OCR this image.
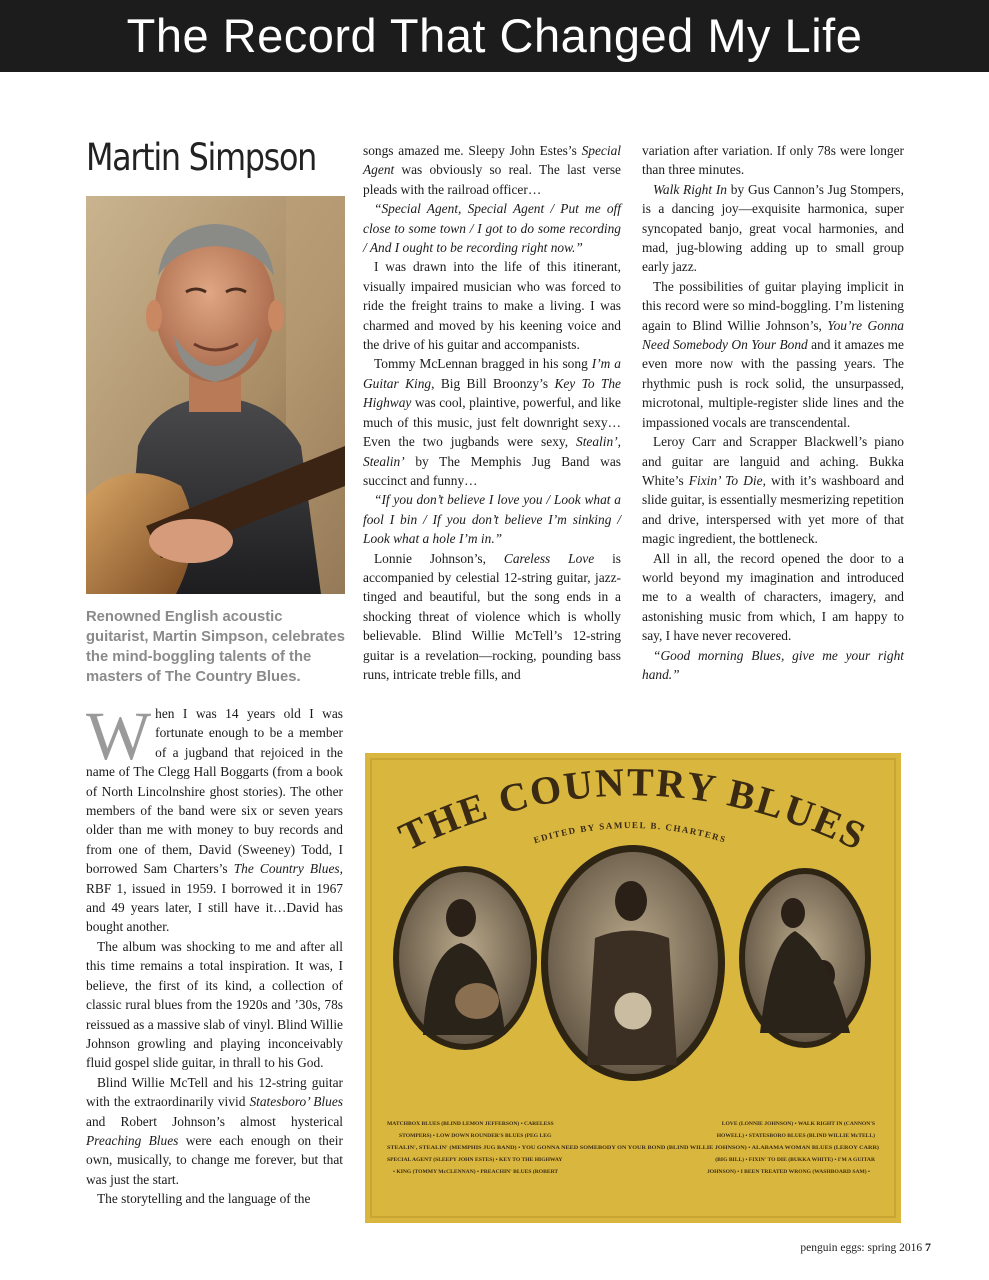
The Record That Changed My Life
Martin Simpson

Renowned English acoustic guitarist, Martin Simpson, celebrates the mind-boggling talents of the masters of The Country Blues.

When I was 14 years old I was fortunate enough to be a member of a jugband that rejoiced in the name of The Clegg Hall Boggarts (from a book of North Lincolnshire ghost stories). The other members of the band were six or seven years older than me with money to buy records and from one of them, David (Sweeney) Todd, I borrowed Sam Charters’s The Country Blues, RBF 1, issued in 1959. I borrowed it in 1967 and 49 years later, I still have it…David has bought another.

The album was shocking to me and after all this time remains a total inspiration. It was, I believe, the first of its kind, a collection of classic rural blues from the 1920s and ’30s, 78s reissued as a massive slab of vinyl. Blind Willie Johnson growling and playing inconceivably fluid gospel slide guitar, in thrall to his God.

Blind Willie McTell and his 12-string guitar with the extraordinarily vivid Statesboro’ Blues and Robert Johnson’s almost hysterical Preaching Blues were each enough on their own, musically, to change me forever, but that was just the start.

The storytelling and the language of the

songs amazed me. Sleepy John Estes’s Special Agent was obviously so real. The last verse pleads with the railroad officer…

“Special Agent, Special Agent / Put me off close to some town / I got to do some recording / And I ought to be recording right now.”

I was drawn into the life of this itinerant, visually impaired musician who was forced to ride the freight trains to make a living. I was charmed and moved by his keening voice and the drive of his guitar and accompanists.

Tommy McLennan bragged in his song I’m a Guitar King, Big Bill Broonzy’s Key To The Highway was cool, plaintive, powerful, and like much of this music, just felt downright sexy… Even the two jugbands were sexy, Stealin’, Stealin’ by The Memphis Jug Band was succinct and funny…

“If you don’t believe I love you / Look what a fool I bin / If you don’t believe I’m sinking / Look what a hole I’m in.”

Lonnie Johnson’s, Careless Love is accompanied by celestial 12-string guitar, jazz-tinged and beautiful, but the song ends in a shocking threat of violence which is wholly believable. Blind Willie McTell’s 12-string guitar is a revelation—rocking, pounding bass runs, intricate treble fills, and

variation after variation. If only 78s were longer than three minutes.

Walk Right In by Gus Cannon’s Jug Stompers, is a dancing joy—exquisite harmonica, super syncopated banjo, great vocal harmonies, and mad, jug-blowing adding up to small group early jazz.

The possibilities of guitar playing implicit in this record were so mind-boggling. I’m listening again to Blind Willie Johnson’s, You’re Gonna Need Somebody On Your Bond and it amazes me even more now with the passing years. The rhythmic push is rock solid, the unsurpassed, microtonal, multiple-register slide lines and the impassioned vocals are transcendental.

Leroy Carr and Scrapper Blackwell’s piano and guitar are languid and aching. Bukka White’s Fixin’ To Die, with it’s washboard and slide guitar, is essentially mesmerizing repetition and drive, interspersed with yet more of that magic ingredient, the bottleneck.

All in all, the record opened the door to a world beyond my imagination and introduced me to a wealth of characters, imagery, and astonishing music from which, I am happy to say, I have never recovered.

“Good morning Blues, give me your right hand.”

THE COUNTRY BLUES
EDITED BY SAMUEL B. CHARTERS
MATCHBOX BLUES (BLIND LEMON JEFFERSON) • CARELESS
STOMPERS) • LOW DOWN ROUNDER'S BLUES (PEG LEG
STEALIN', STEALIN' (MEMPHIS JUG BAND) • YOU GONNA NEED SOMEBODY ON YOUR BOND (BLIND WILLIE JOHNSON) • ALABAMA WOMAN BLUES (LEROY CARR)
SPECIAL AGENT (SLEEPY JOHN ESTES) • KEY TO THE HIGHWAY
• KING (TOMMY McCLENNAN) • PREACHIN' BLUES (ROBERT
LOVE (LONNIE JOHNSON) • WALK RIGHT IN (CANNON'S
HOWELL) • STATESBORO BLUES (BLIND WILLIE McTELL)
(BIG BILL) • FIXIN' TO DIE (BUKKA WHITE) • I'M A GUITAR
JOHNSON) • I BEEN TREATED WRONG (WASHBOARD SAM) •
penguin eggs: spring 2016 7
